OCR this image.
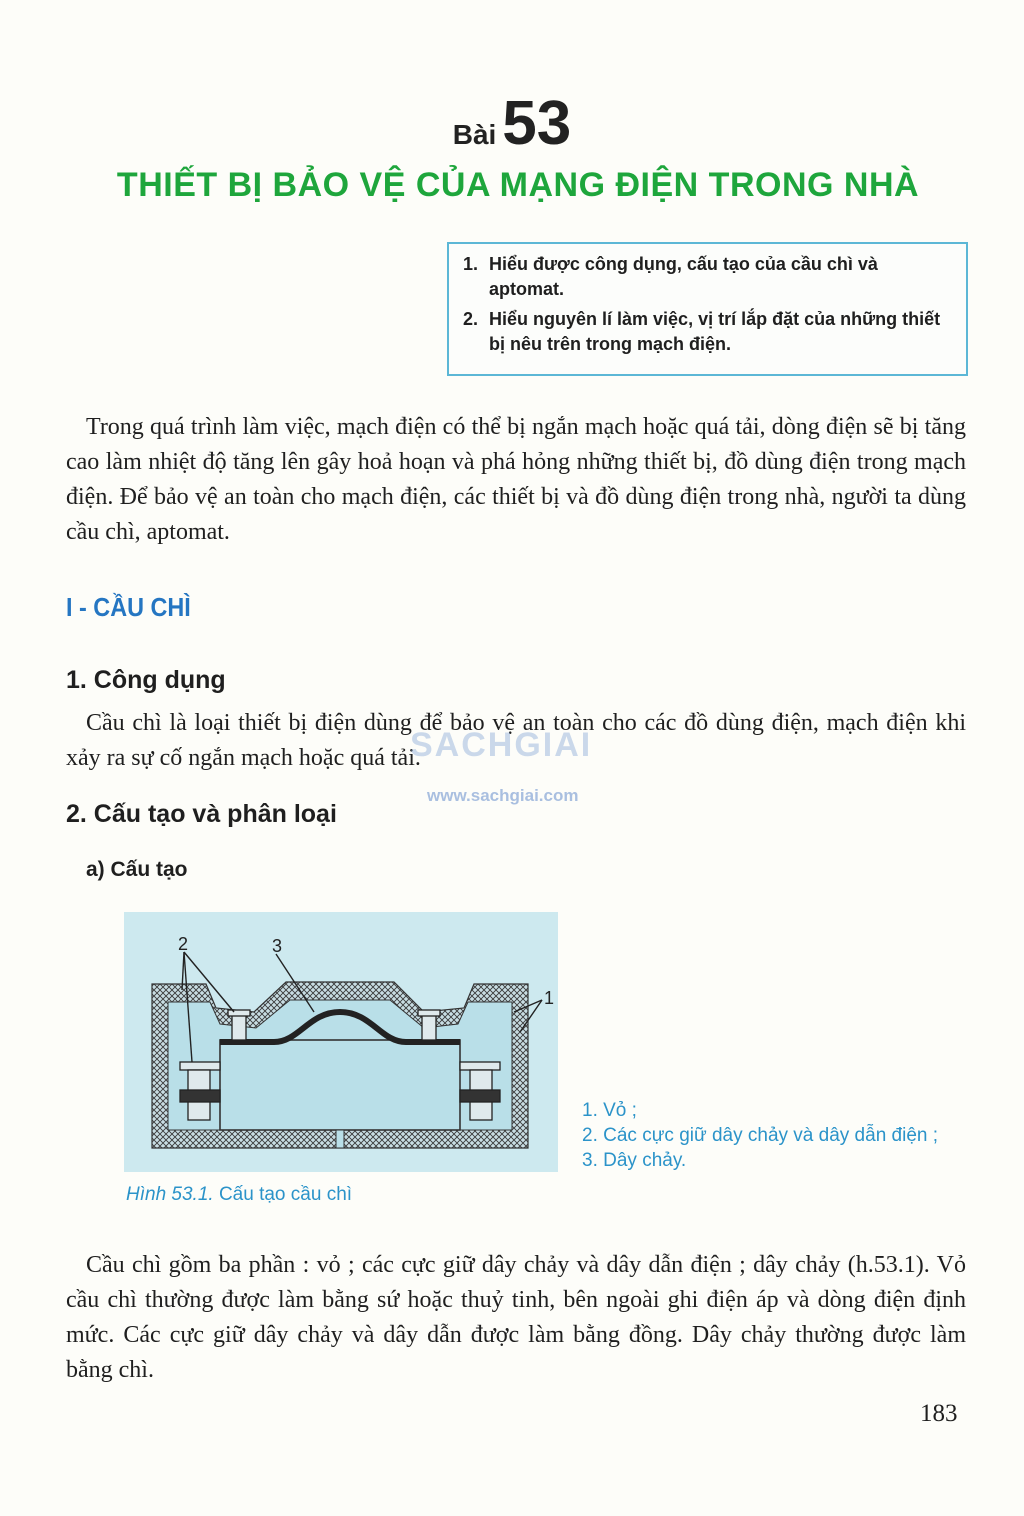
Bài53
THIẾT BỊ BẢO VỆ CỦA MẠNG ĐIỆN TRONG NHÀ
1. Hiểu được công dụng, cấu tạo của cầu chì và aptomat.
2. Hiểu nguyên lí làm việc, vị trí lắp đặt của những thiết bị nêu trên trong mạch điện.

Trong quá trình làm việc, mạch điện có thể bị ngắn mạch hoặc quá tải, dòng điện sẽ bị tăng cao làm nhiệt độ tăng lên gây hoả hoạn và phá hỏng những thiết bị, đồ dùng điện trong mạch điện. Để bảo vệ an toàn cho mạch điện, các thiết bị và đồ dùng điện trong nhà, người ta dùng cầu chì, aptomat.

I - CẦU CHÌ
1. Công dụng

Cầu chì là loại thiết bị điện dùng để bảo vệ an toàn cho các đồ dùng điện, mạch điện khi xảy ra sự cố ngắn mạch hoặc quá tải.

SACHGIAI
www.sachgiai.com
2. Cấu tạo và phân loại
a) Cấu tạo
2	3
1
1. Vỏ ;
2. Các cực giữ dây chảy và dây dẫn điện ;
3. Dây chảy.
Hình 53.1. Cấu tạo cầu chì

Cầu chì gồm ba phần : vỏ ; các cực giữ dây chảy và dây dẫn điện ; dây chảy (h.53.1). Vỏ cầu chì thường được làm bằng sứ hoặc thuỷ tinh, bên ngoài ghi điện áp và dòng điện định mức. Các cực giữ dây chảy và dây dẫn được làm bằng đồng. Dây chảy thường được làm bằng chì.

183
